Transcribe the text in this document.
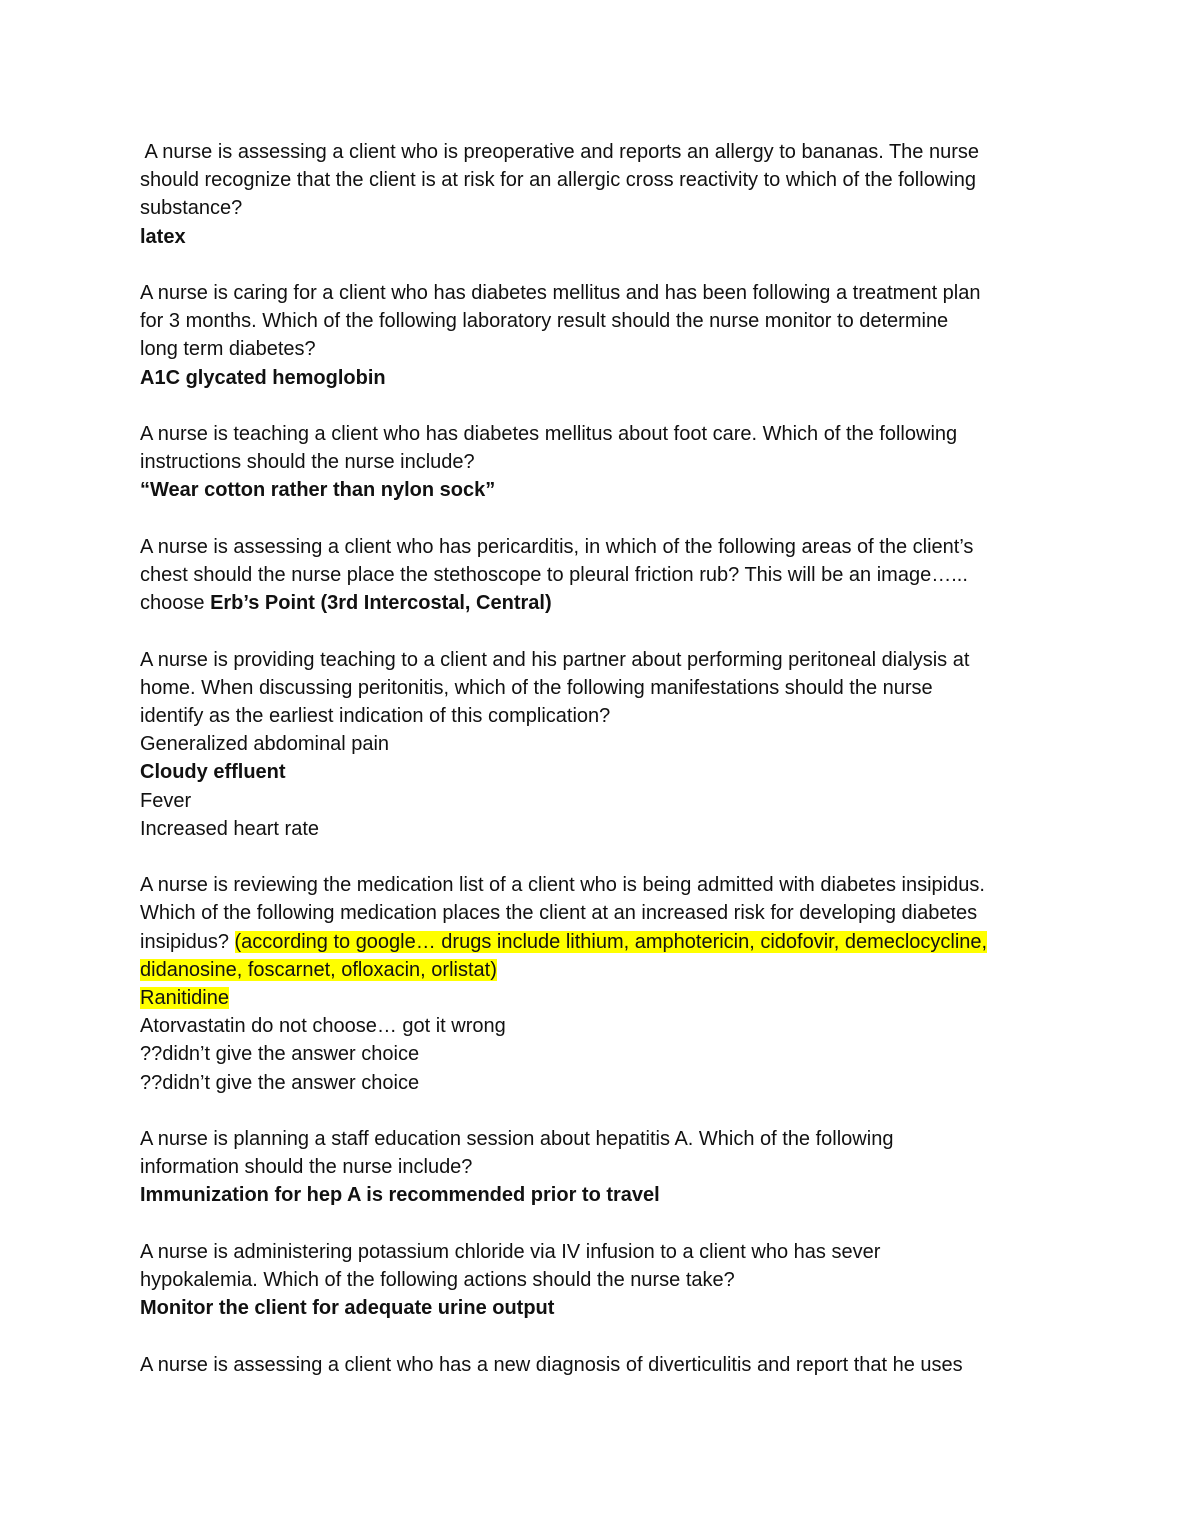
A nurse is assessing a client who is preoperative and reports an allergy to bananas. The nurse
should recognize that the client is at risk for an allergic cross reactivity to which of the following
substance?
latex
A nurse is caring for a client who has diabetes mellitus and has been following a treatment plan
for 3 months. Which of the following laboratory result should the nurse monitor to determine
long term diabetes?
A1C glycated hemoglobin
A nurse is teaching a client who has diabetes mellitus about foot care. Which of the following
instructions should the nurse include?
“Wear cotton rather than nylon sock”
A nurse is assessing a client who has pericarditis, in which of the following areas of the client’s
chest should the nurse place the stethoscope to pleural friction rub? This will be an image…...
choose Erb’s Point (3rd Intercostal, Central)
A nurse is providing teaching to a client and his partner about performing peritoneal dialysis at
home. When discussing peritonitis, which of the following manifestations should the nurse
identify as the earliest indication of this complication?
Generalized abdominal pain
Cloudy effluent
Fever
Increased heart rate
A nurse is reviewing the medication list of a client who is being admitted with diabetes insipidus.
Which of the following medication places the client at an increased risk for developing diabetes
insipidus? (according to google… drugs include lithium, amphotericin, cidofovir, demeclocycline,
didanosine, foscarnet, ofloxacin, orlistat)
Ranitidine
Atorvastatin do not choose… got it wrong
??didn’t give the answer choice
??didn’t give the answer choice
A nurse is planning a staff education session about hepatitis A. Which of the following
information should the nurse include?
Immunization for hep A is recommended prior to travel
A nurse is administering potassium chloride via IV infusion to a client who has sever
hypokalemia. Which of the following actions should the nurse take?
Monitor the client for adequate urine output
A nurse is assessing a client who has a new diagnosis of diverticulitis and report that he uses
